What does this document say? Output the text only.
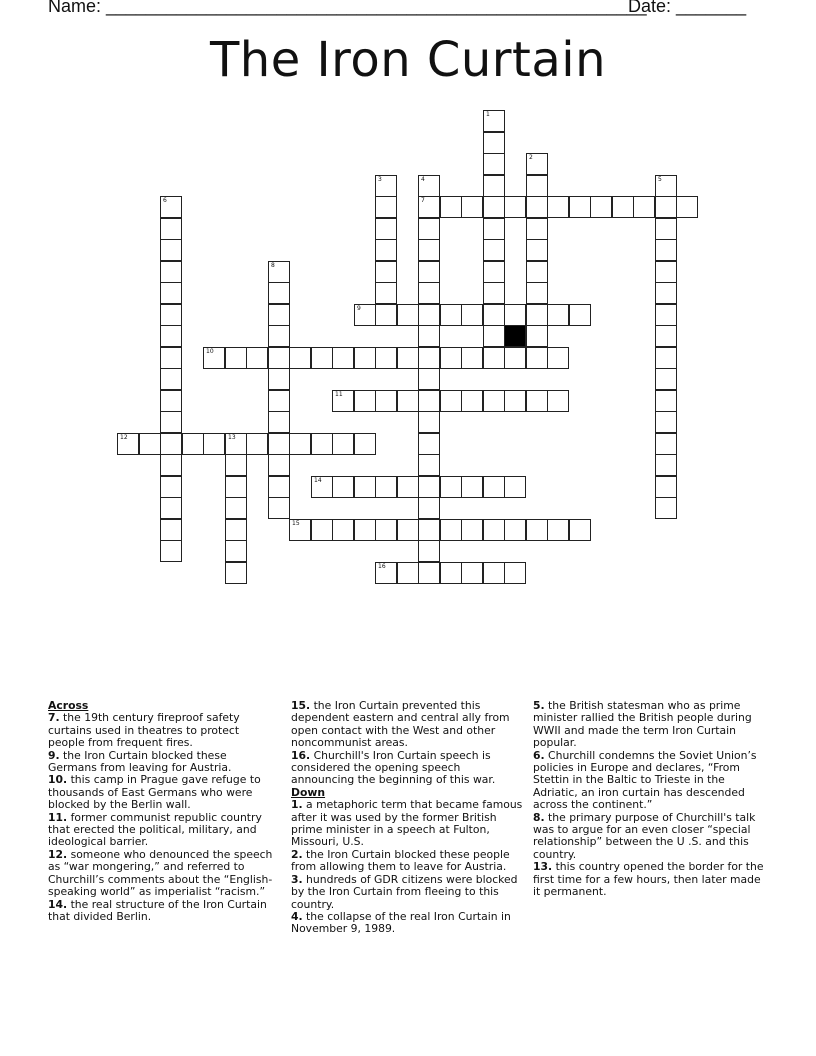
Name: ______________________________________________________
Date: _______
The Iron Curtain
7
9
10
11
12	13
14
15
16
1
2
3	4	5
6
8
Across
7. the 19th century fireproof safety curtains used in theatres to protect people from frequent fires.
9. the Iron Curtain blocked these Germans from leaving for Austria.
10. this camp in Prague gave refuge to thousands of East Germans who were blocked by the Berlin wall.
11. former communist republic country that erected the political, military, and ideological barrier.
12. someone who denounced the speech as “war mongering,” and referred to Churchill’s comments about the “English-speaking world” as imperialist “racism.”
14. the real structure of the Iron Curtain that divided Berlin.
15. the Iron Curtain prevented this dependent eastern and central ally from open contact with the West and other noncommunist areas.
16. Churchill's Iron Curtain speech is considered the opening speech announcing the beginning of this war.
Down
1. a metaphoric term that became famous after it was used by the former British prime minister in a speech at Fulton, Missouri, U.S.
2. the Iron Curtain blocked these people from allowing them to leave for Austria.
3. hundreds of GDR citizens were blocked by the Iron Curtain from fleeing to this country.
4. the collapse of the real Iron Curtain in November 9, 1989.
5. the British statesman who as prime minister rallied the British people during WWII and made the term Iron Curtain popular.
6. Churchill condemns the Soviet Union’s policies in Europe and declares, “From Stettin in the Baltic to Trieste in the Adriatic, an iron curtain has descended across the continent.”
8. the primary purpose of Churchill's talk was to argue for an even closer “special relationship” between the U .S. and this country.
13. this country opened the border for the first time for a few hours, then later made it permanent.
